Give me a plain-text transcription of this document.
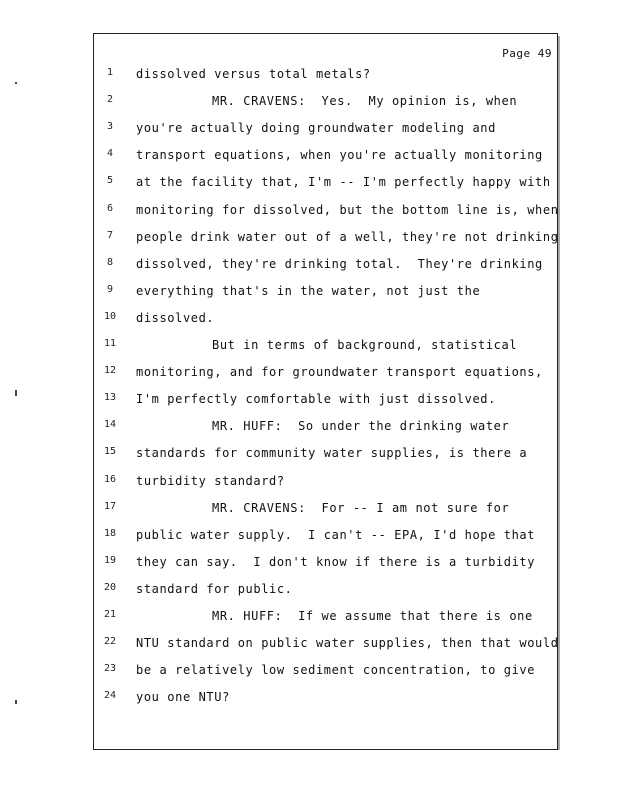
Page 49
1	dissolved versus total metals?
2	MR. CRAVENS:  Yes.  My opinion is, when
3	you're actually doing groundwater modeling and
4	transport equations, when you're actually monitoring
5	at the facility that, I'm -- I'm perfectly happy with
6	monitoring for dissolved, but the bottom line is, when
7	people drink water out of a well, they're not drinking
8	dissolved, they're drinking total.  They're drinking
9	everything that's in the water, not just the
10	dissolved.
11	But in terms of background, statistical
12	monitoring, and for groundwater transport equations,
13	I'm perfectly comfortable with just dissolved.
14	MR. HUFF:  So under the drinking water
15	standards for community water supplies, is there a
16	turbidity standard?
17	MR. CRAVENS:  For -- I am not sure for
18	public water supply.  I can't -- EPA, I'd hope that
19	they can say.  I don't know if there is a turbidity
20	standard for public.
21	MR. HUFF:  If we assume that there is one
22	NTU standard on public water supplies, then that would
23	be a relatively low sediment concentration, to give
24	you one NTU?
